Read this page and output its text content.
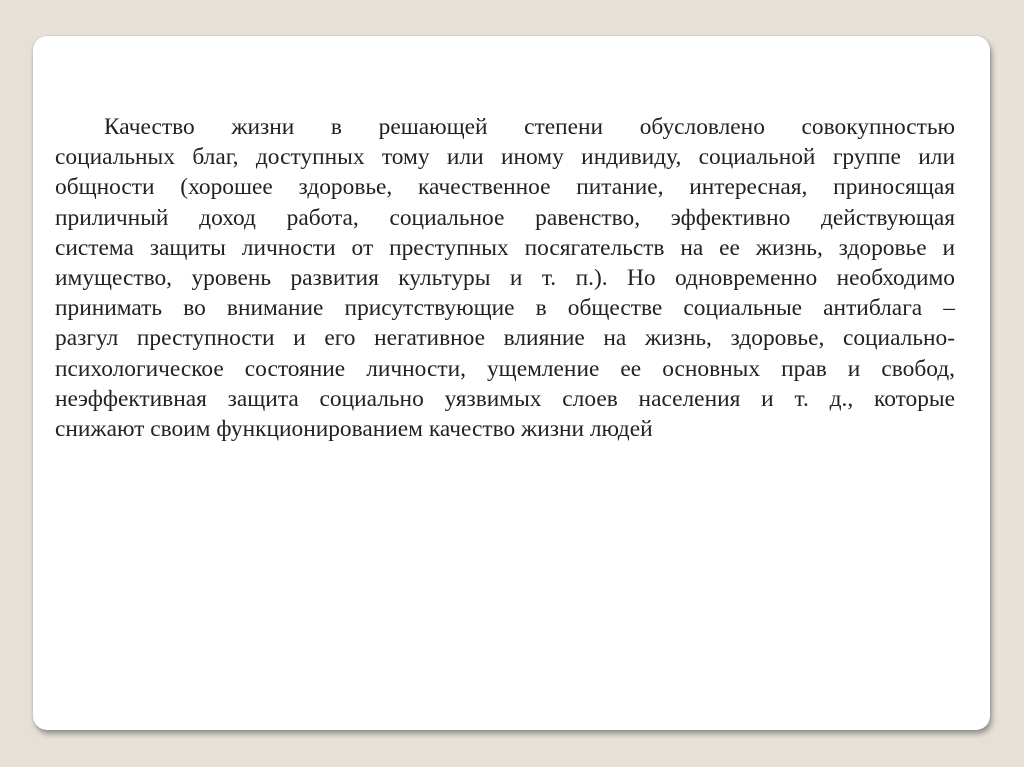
Качество жизни в решающей степени обусловлено совокупностью
социальных благ, доступных тому или иному индивиду, социальной группе или
общности (хорошее здоровье, качественное питание, интересная, приносящая
приличный доход работа, социальное равенство, эффективно действующая
система защиты личности от преступных посягательств на ее жизнь, здоровье и
имущество, уровень развития культуры и т. п.). Но одновременно необходимо
принимать во внимание присутствующие в обществе социальные антиблага –
разгул преступности и его негативное влияние на жизнь, здоровье, социально-
психологическое состояние личности, ущемление ее основных прав и свобод,
неэффективная защита социально уязвимых слоев населения и т. д., которые
снижают своим функционированием качество жизни людей
